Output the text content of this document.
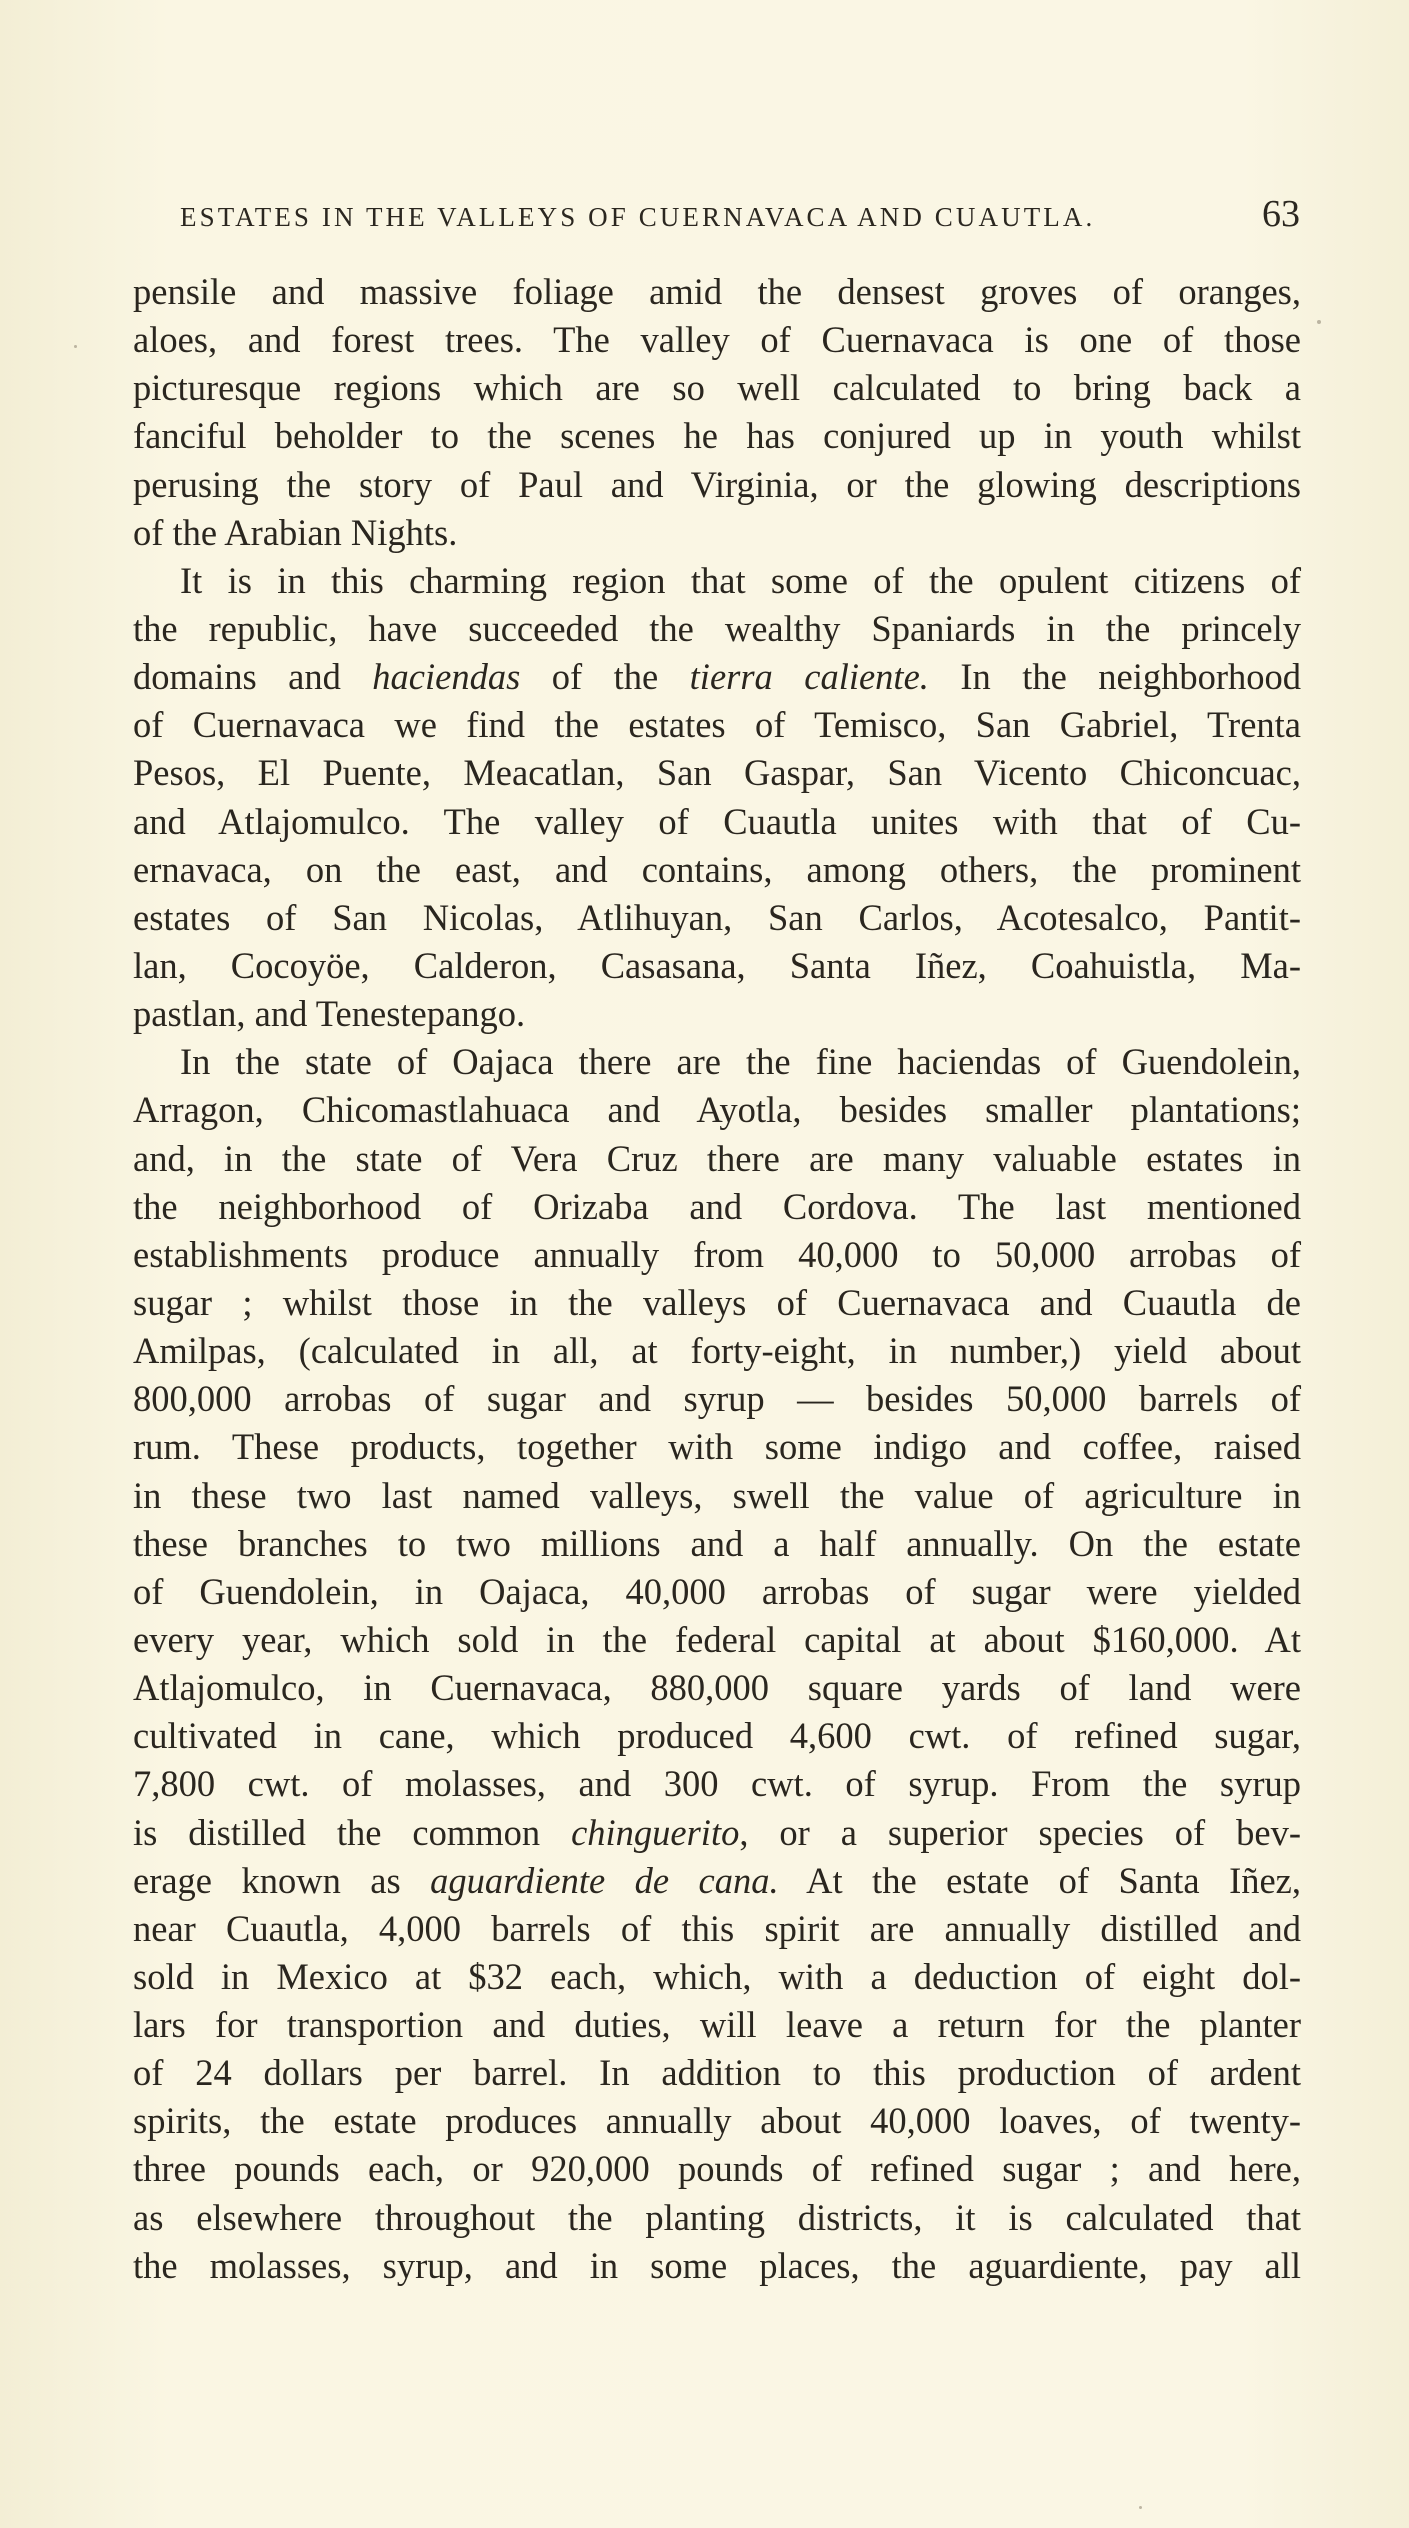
ESTATES IN THE VALLEYS OF CUERNAVACA AND CUAUTLA.	63
pensile and massive foliage amid the densest groves of oranges,
aloes, and forest trees. The valley of Cuernavaca is one of those
picturesque regions which are so well calculated to bring back a
fanciful beholder to the scenes he has conjured up in youth whilst
perusing the story of Paul and Virginia, or the glowing descriptions
of the Arabian Nights.
It is in this charming region that some of the opulent citizens of
the republic, have succeeded the wealthy Spaniards in the princely
domains and haciendas of the tierra caliente. In the neighborhood
of Cuernavaca we find the estates of Temisco, San Gabriel, Trenta
Pesos, El Puente, Meacatlan, San Gaspar, San Vicento Chiconcuac,
and Atlajomulco. The valley of Cuautla unites with that of Cu-
ernavaca, on the east, and contains, among others, the prominent
estates of San Nicolas, Atlihuyan, San Carlos, Acotesalco, Pantit-
lan, Cocoyöe, Calderon, Casasana, Santa Iñez, Coahuistla, Ma-
pastlan, and Tenestepango.
In the state of Oajaca there are the fine haciendas of Guendolein,
Arragon, Chicomastlahuaca and Ayotla, besides smaller plantations;
and, in the state of Vera Cruz there are many valuable estates in
the neighborhood of Orizaba and Cordova. The last mentioned
establishments produce annually from 40,000 to 50,000 arrobas of
sugar ; whilst those in the valleys of Cuernavaca and Cuautla de
Amilpas, (calculated in all, at forty-eight, in number,) yield about
800,000 arrobas of sugar and syrup — besides 50,000 barrels of
rum. These products, together with some indigo and coffee, raised
in these two last named valleys, swell the value of agriculture in
these branches to two millions and a half annually. On the estate
of Guendolein, in Oajaca, 40,000 arrobas of sugar were yielded
every year, which sold in the federal capital at about $160,000. At
Atlajomulco, in Cuernavaca, 880,000 square yards of land were
cultivated in cane, which produced 4,600 cwt. of refined sugar,
7,800 cwt. of molasses, and 300 cwt. of syrup. From the syrup
is distilled the common chinguerito, or a superior species of bev-
erage known as aguardiente de cana. At the estate of Santa Iñez,
near Cuautla, 4,000 barrels of this spirit are annually distilled and
sold in Mexico at $32 each, which, with a deduction of eight dol-
lars for transportion and duties, will leave a return for the planter
of 24 dollars per barrel. In addition to this production of ardent
spirits, the estate produces annually about 40,000 loaves, of twenty-
three pounds each, or 920,000 pounds of refined sugar ; and here,
as elsewhere throughout the planting districts, it is calculated that
the molasses, syrup, and in some places, the aguardiente, pay all
